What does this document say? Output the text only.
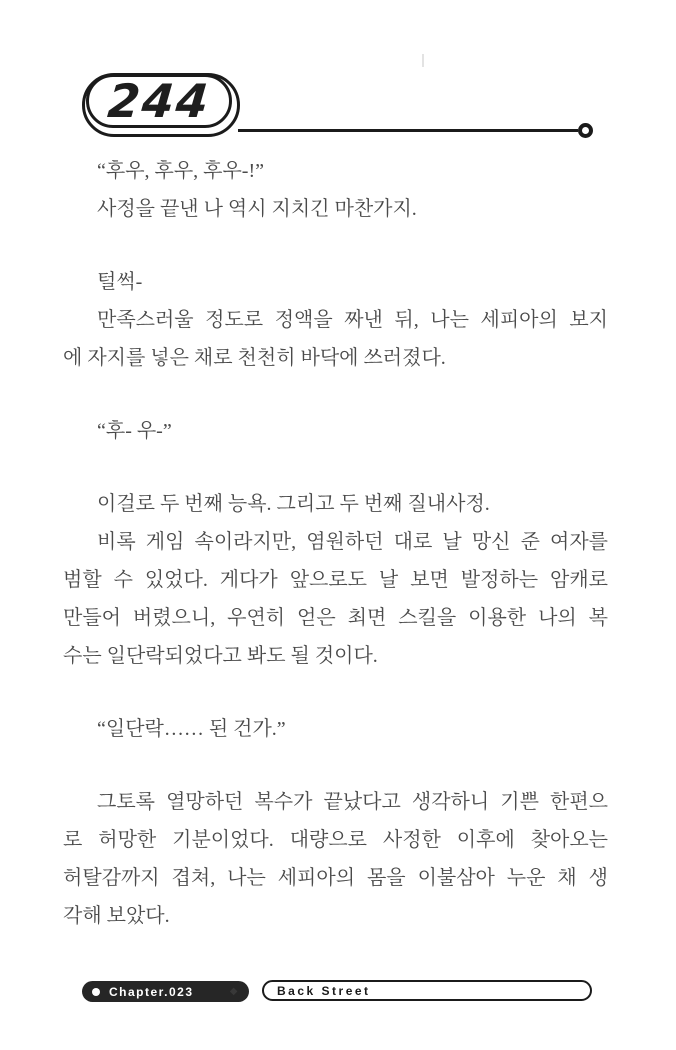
244

“후우, 후우, 후우-!”

사정을 끝낸 나 역시 지치긴 마찬가지.

털썩-

만족스러울 정도로 정액을 짜낸 뒤, 나는 세피아의 보지

에 자지를 넣은 채로 천천히 바닥에 쓰러졌다.

“후- 우-”

이걸로 두 번째 능욕. 그리고 두 번째 질내사정.

비록 게임 속이라지만, 염원하던 대로 날 망신 준 여자를

범할 수 있었다. 게다가 앞으로도 날 보면 발정하는 암캐로

만들어 버렸으니, 우연히 얻은 최면 스킬을 이용한 나의 복

수는 일단락되었다고 봐도 될 것이다.

“일단락…… 된 건가.”

그토록 열망하던 복수가 끝났다고 생각하니 기쁜 한편으

로 허망한 기분이었다. 대량으로 사정한 이후에 찾아오는

허탈감까지 겹쳐, 나는 세피아의 몸을 이불삼아 누운 채 생

각해 보았다.

Chapter.023	◆	Back Street
